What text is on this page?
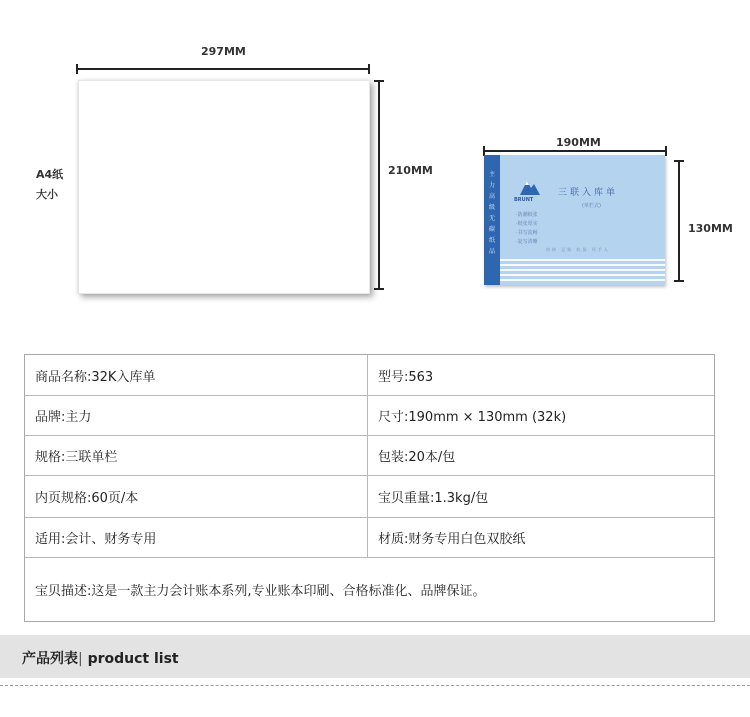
297MM
210MM
A4纸
大小
190MM
主力高级无碳纸品
BRUNT
三联入库单
(单栏式)
·防潮纸张
·纸张厚实
·书写流畅
·复写清晰
审核 记账 收货 经手人
130MM
商品名称:32K入库单	型号:563
品牌:主力	尺寸:190mm × 130mm (32k)
规格:三联单栏	包装:20本/包
内页规格:60页/本	宝贝重量:1.3kg/包
适用:会计、财务专用	材质:财务专用白色双胶纸
宝贝描述:这是一款主力会计账本系列,专业账本印刷、合格标准化、品牌保证。
产品列表| product list
